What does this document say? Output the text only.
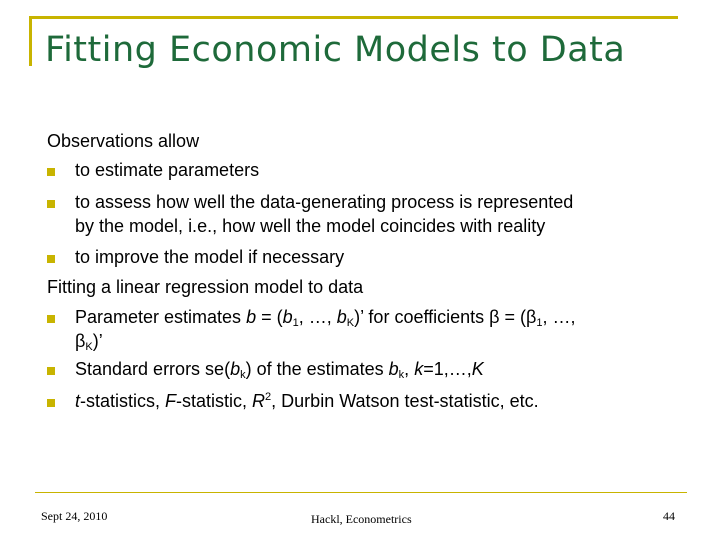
Fitting Economic Models to Data
Observations allow
to estimate parameters
to assess how well the data-generating process is represented
by the model, i.e., how well the model coincides with reality
to improve the model if necessary
Fitting a linear regression model to data
Parameter estimates $b = (b_1$, …, $b_K$)’ for coefficients $\beta = (\beta_1$, …,
$\beta_K$)’
Standard errors $se(b_k)$ of the estimates $b_k$, k=1,…,K
t-statistics, F-statistic, $R^2$, Durbin Watson test-statistic, etc.
Sept 24, 2010	Hackl, Econometrics	44
